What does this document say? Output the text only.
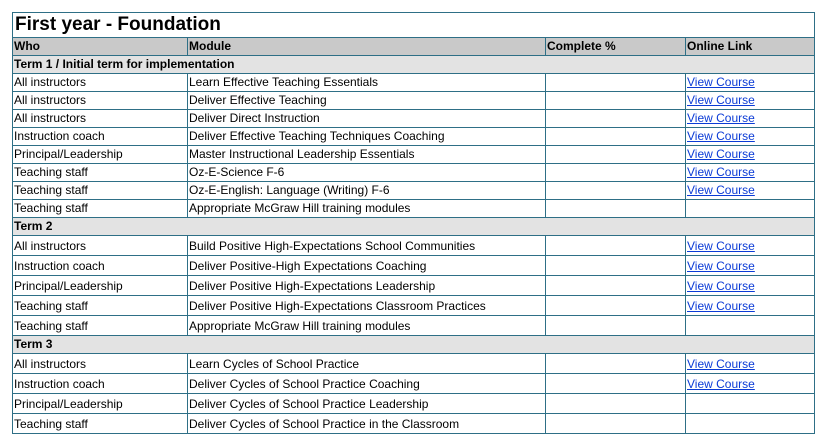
First year - Foundation			
Who	Module	Complete %	Online Link
Term 1 / Initial term for implementation			
All instructors	Learn Effective Teaching Essentials		View Course
All instructors	Deliver Effective Teaching		View Course
All instructors	Deliver Direct Instruction		View Course
Instruction coach	Deliver Effective Teaching Techniques Coaching		View Course
Principal/Leadership	Master Instructional Leadership Essentials		View Course
Teaching staff	Oz-E-Science F-6		View Course
Teaching staff	Oz-E-English: Language (Writing) F-6		View Course
Teaching staff	Appropriate McGraw Hill training modules		
Term 2			
All instructors	Build Positive High-Expectations School Communities		View Course
Instruction coach	Deliver Positive-High Expectations Coaching		View Course
Principal/Leadership	Deliver Positive High-Expectations Leadership		View Course
Teaching staff	Deliver Positive High-Expectations Classroom Practices		View Course
Teaching staff	Appropriate McGraw Hill training modules		
Term 3			
All instructors	Learn Cycles of School Practice		View Course
Instruction coach	Deliver Cycles of School Practice Coaching		View Course
Principal/Leadership	Deliver Cycles of School Practice Leadership		
Teaching staff	Deliver Cycles of School Practice in the Classroom		
